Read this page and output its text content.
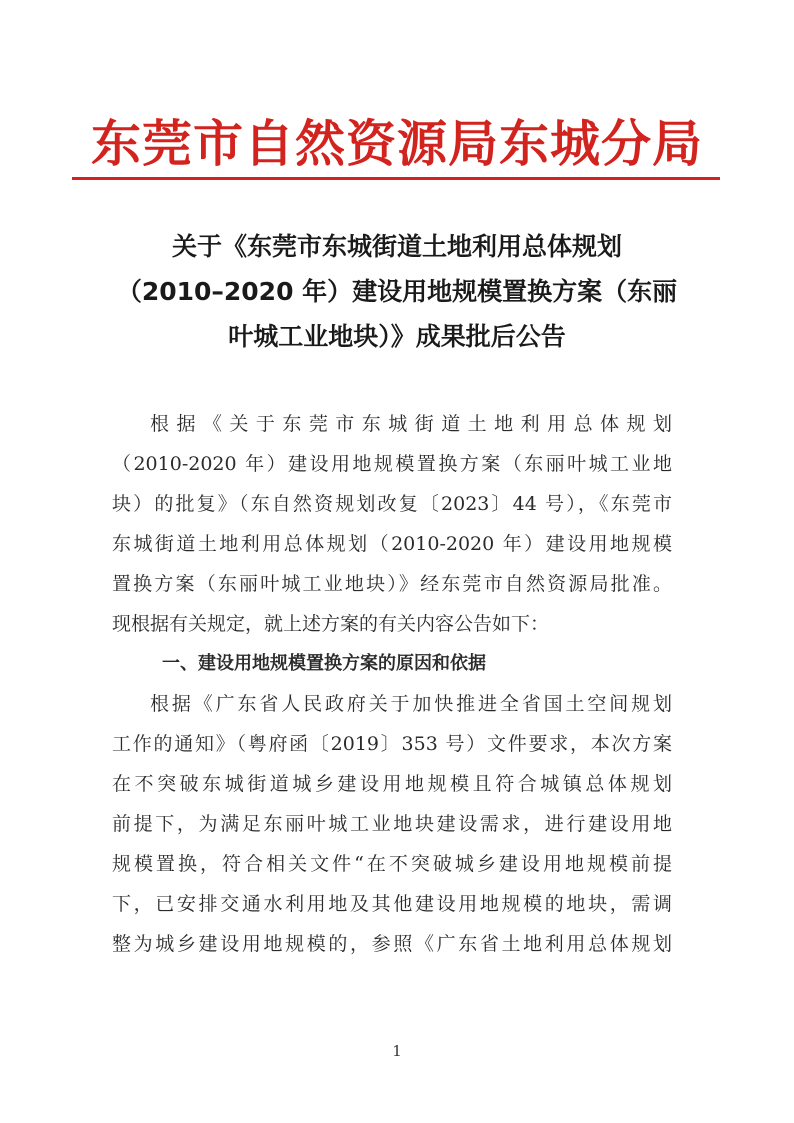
东莞市自然资源局东城分局
关于《东莞市东城街道土地利用总体规划
（2010–2020 年）建设用地规模置换方案（东丽
叶城工业地块）》成果批后公告
根据《关于东莞市东城街道土地利用总体规划
（2010-2020 年）建设用地规模置换方案（东丽叶城工业地
块）的批复》（东自然资规划改复〔2023〕44 号），《东莞市
东城街道土地利用总体规划（2010-2020 年）建设用地规模
置换方案（东丽叶城工业地块）》经东莞市自然资源局批准。
现根据有关规定，就上述方案的有关内容公告如下：
一、建设用地规模置换方案的原因和依据
根据《广东省人民政府关于加快推进全省国土空间规划
工作的通知》（粤府函〔2019〕353 号）文件要求，本次方案
在不突破东城街道城乡建设用地规模且符合城镇总体规划
前提下，为满足东丽叶城工业地块建设需求，进行建设用地
规模置换，符合相关文件“在不突破城乡建设用地规模前提
下，已安排交通水利用地及其他建设用地规模的地块，需调
整为城乡建设用地规模的，参照《广东省土地利用总体规划
1
